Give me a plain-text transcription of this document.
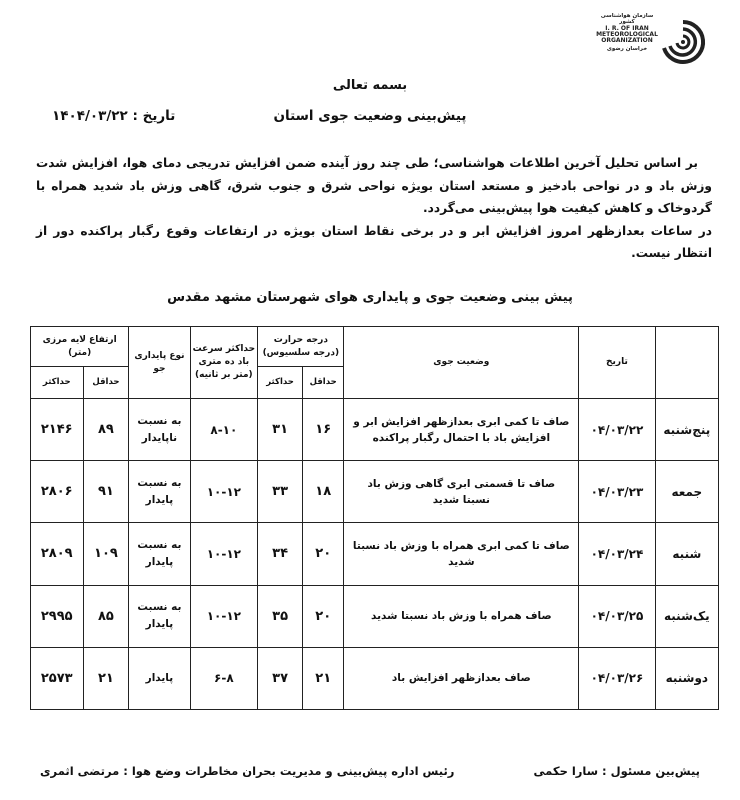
سازمان هواشناسی کشور
I. R. OF IRAN
METEOROLOGICAL
ORGANIZATION
خراسان رضوی
بسمه تعالی
پیش‌بینی وضعیت جوی استان
تاریخ : ۱۴۰۴/۰۳/۲۲

بر اساس تحلیل آخرین اطلاعات هواشناسی؛ طی چند روز آینده ضمن افزایش تدریجی دمای هوا، افزایش شدت وزش باد و در نواحی بادخیز و مستعد استان بویژه نواحی شرق و جنوب شرق، گاهی وزش باد شدید همراه با گردوخاک و کاهش کیفیت هوا پیش‌بینی می‌گردد.

در ساعات بعدازظهر امروز افزایش ابر و در برخی نقاط استان بویژه در ارتفاعات وقوع رگبار پراکنده دور از انتظار نیست.

پیش بینی وضعیت جوی و پایداری هوای شهرستان مشهد مقدس
	تاریخ	وضعیت جوی	درجه حرارت (درجه سلسیوس)		حداکثر سرعت باد ده متری (متر بر ثانیه)	نوع پایداری جو	ارتفاع لایه مرزی (متر)	
			حداقل	حداکثر			حداقل	حداکثر
پنج‌شنبه	۰۴/۰۳/۲۲	صاف تا کمی ابری بعدازظهر افزایش ابر و افزایش باد با احتمال رگبار پراکنده	۱۶	۳۱	۸-۱۰	به نسبت ناپایدار	۸۹	۲۱۴۶
جمعه	۰۴/۰۳/۲۳	صاف تا قسمتی ابری گاهی وزش باد نسبتا شدید	۱۸	۳۳	۱۰-۱۲	به نسبت پایدار	۹۱	۲۸۰۶
شنبه	۰۴/۰۳/۲۴	صاف تا کمی ابری همراه با وزش باد نسبتا شدید	۲۰	۳۴	۱۰-۱۲	به نسبت پایدار	۱۰۹	۲۸۰۹
یک‌شنبه	۰۴/۰۳/۲۵	صاف همراه با وزش باد نسبتا شدید	۲۰	۳۵	۱۰-۱۲	به نسبت پایدار	۸۵	۲۹۹۵
دوشنبه	۰۴/۰۳/۲۶	صاف بعدازظهر افزایش باد	۲۱	۳۷	۶-۸	پایدار	۲۱	۲۵۷۳
پیش‌بین مسئول : سارا حکمی
رئیس اداره پیش‌بینی و مدیریت بحران مخاطرات وضع هوا : مرتضی اثمری
